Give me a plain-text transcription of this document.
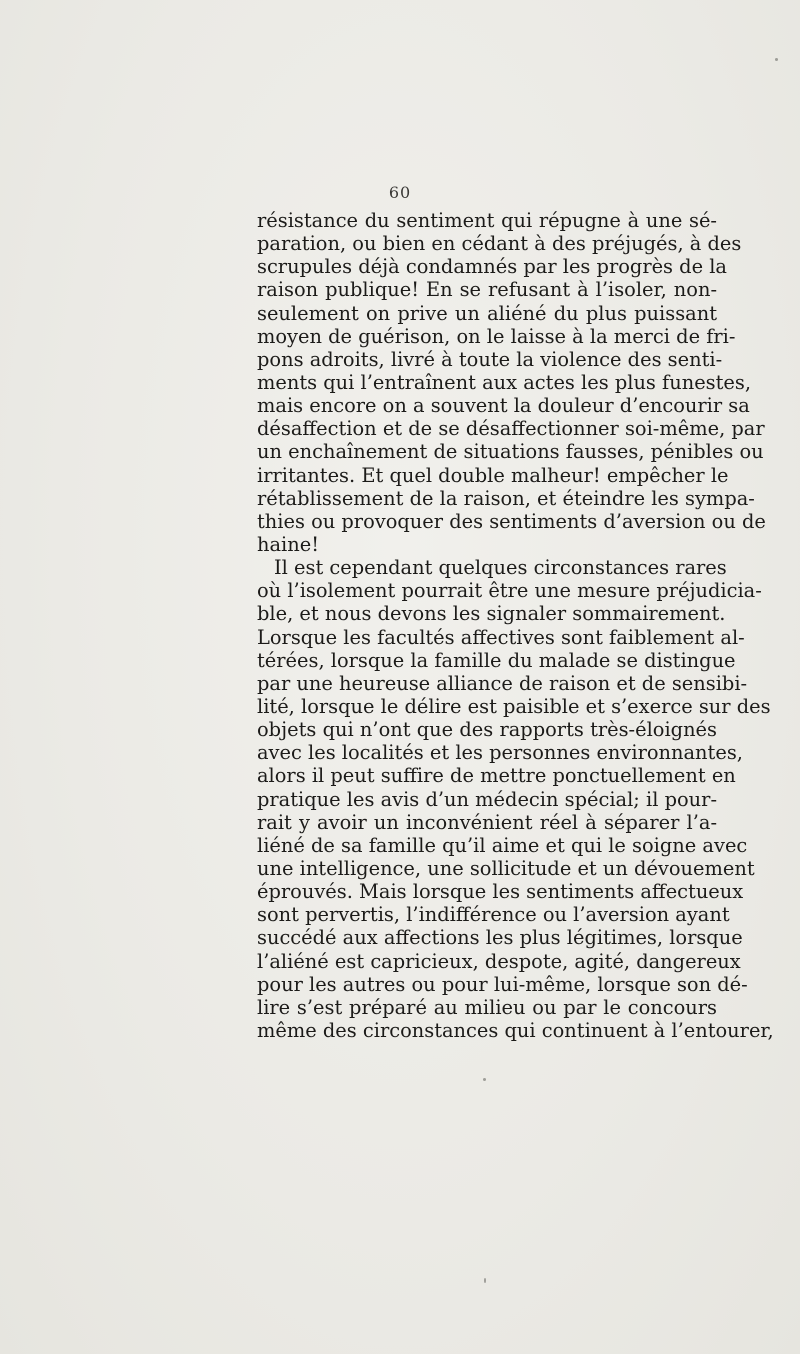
60
résistance du sentiment qui répugne à une sé-
paration, ou bien en cédant à des préjugés, à des
scrupules déjà condamnés par les progrès de la
raison publique! En se refusant à l’isoler, non-
seulement on prive un aliéné du plus puissant
moyen de guérison, on le laisse à la merci de fri-
pons adroits, livré à toute la violence des senti-
ments qui l’entraînent aux actes les plus funestes,
mais encore on a souvent la douleur d’encourir sa
désaffection et de se désaffectionner soi-même, par
un enchaînement de situations fausses, pénibles ou
irritantes. Et quel double malheur! empêcher le
rétablissement de la raison, et éteindre les sympa-
thies ou provoquer des sentiments d’aversion ou de
haine!
Il est cependant quelques circonstances rares
où l’isolement pourrait être une mesure préjudicia-
ble, et nous devons les signaler sommairement.
Lorsque les facultés affectives sont faiblement al-
térées, lorsque la famille du malade se distingue
par une heureuse alliance de raison et de sensibi-
lité, lorsque le délire est paisible et s’exerce sur des
objets qui n’ont que des rapports très-éloignés
avec les localités et les personnes environnantes,
alors il peut suffire de mettre ponctuellement en
pratique les avis d’un médecin spécial; il pour-
rait y avoir un inconvénient réel à séparer l’a-
liéné de sa famille qu’il aime et qui le soigne avec
une intelligence, une sollicitude et un dévouement
éprouvés. Mais lorsque les sentiments affectueux
sont pervertis, l’indifférence ou l’aversion ayant
succédé aux affections les plus légitimes, lorsque
l’aliéné est capricieux, despote, agité, dangereux
pour les autres ou pour lui-même, lorsque son dé-
lire s’est préparé au milieu ou par le concours
même des circonstances qui continuent à l’entourer,
